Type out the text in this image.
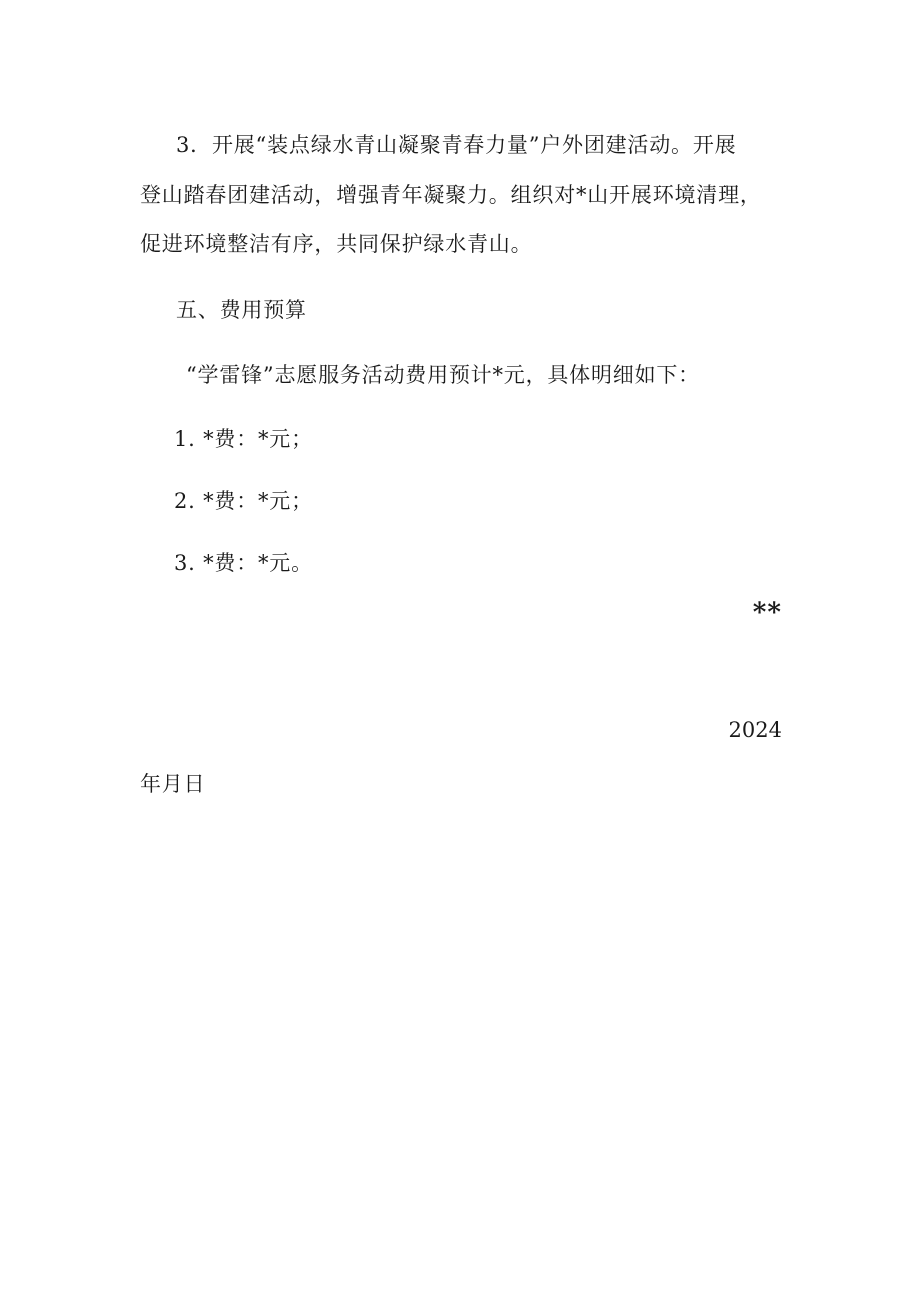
3．开展“装点绿水青山凝聚青春力量”户外团建活动。开展
登山踏春团建活动，增强青年凝聚力。组织对*山开展环境清理，
促进环境整洁有序，共同保护绿水青山。
五、费用预算
“学雷锋”志愿服务活动费用预计*元，具体明细如下：
1. *费：*元；
2. *费：*元；
3. *费：*元。
**
2024
年月日
